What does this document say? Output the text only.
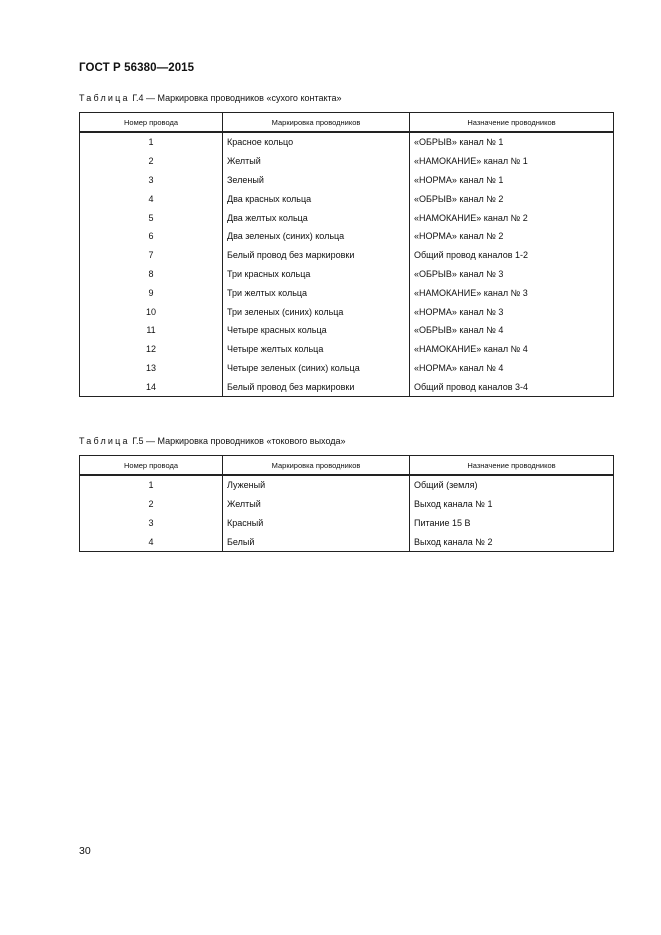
ГОСТ Р 56380—2015
Таблица Г.4 — Маркировка проводников «сухого контакта»
Номер провода	Маркировка проводников	Назначение проводников
1	Красное кольцо	«ОБРЫВ» канал № 1
2	Желтый	«НАМОКАНИЕ» канал № 1
3	Зеленый	«НОРМА» канал № 1
4	Два красных кольца	«ОБРЫВ» канал № 2
5	Два желтых кольца	«НАМОКАНИЕ» канал № 2
6	Два зеленых (синих) кольца	«НОРМА» канал № 2
7	Белый провод без маркировки	Общий провод каналов 1-2
8	Три красных кольца	«ОБРЫВ» канал № 3
9	Три желтых кольца	«НАМОКАНИЕ» канал № 3
10	Три зеленых (синих) кольца	«НОРМА» канал № 3
11	Четыре красных кольца	«ОБРЫВ» канал № 4
12	Четыре желтых кольца	«НАМОКАНИЕ» канал № 4
13	Четыре зеленых (синих) кольца	«НОРМА» канал № 4
14	Белый провод без маркировки	Общий провод каналов 3-4
Таблица Г.5 — Маркировка проводников «токового выхода»
Номер провода	Маркировка проводников	Назначение проводников
1	Луженый	Общий (земля)
2	Желтый	Выход канала № 1
3	Красный	Питание 15 В
4	Белый	Выход канала № 2
30
